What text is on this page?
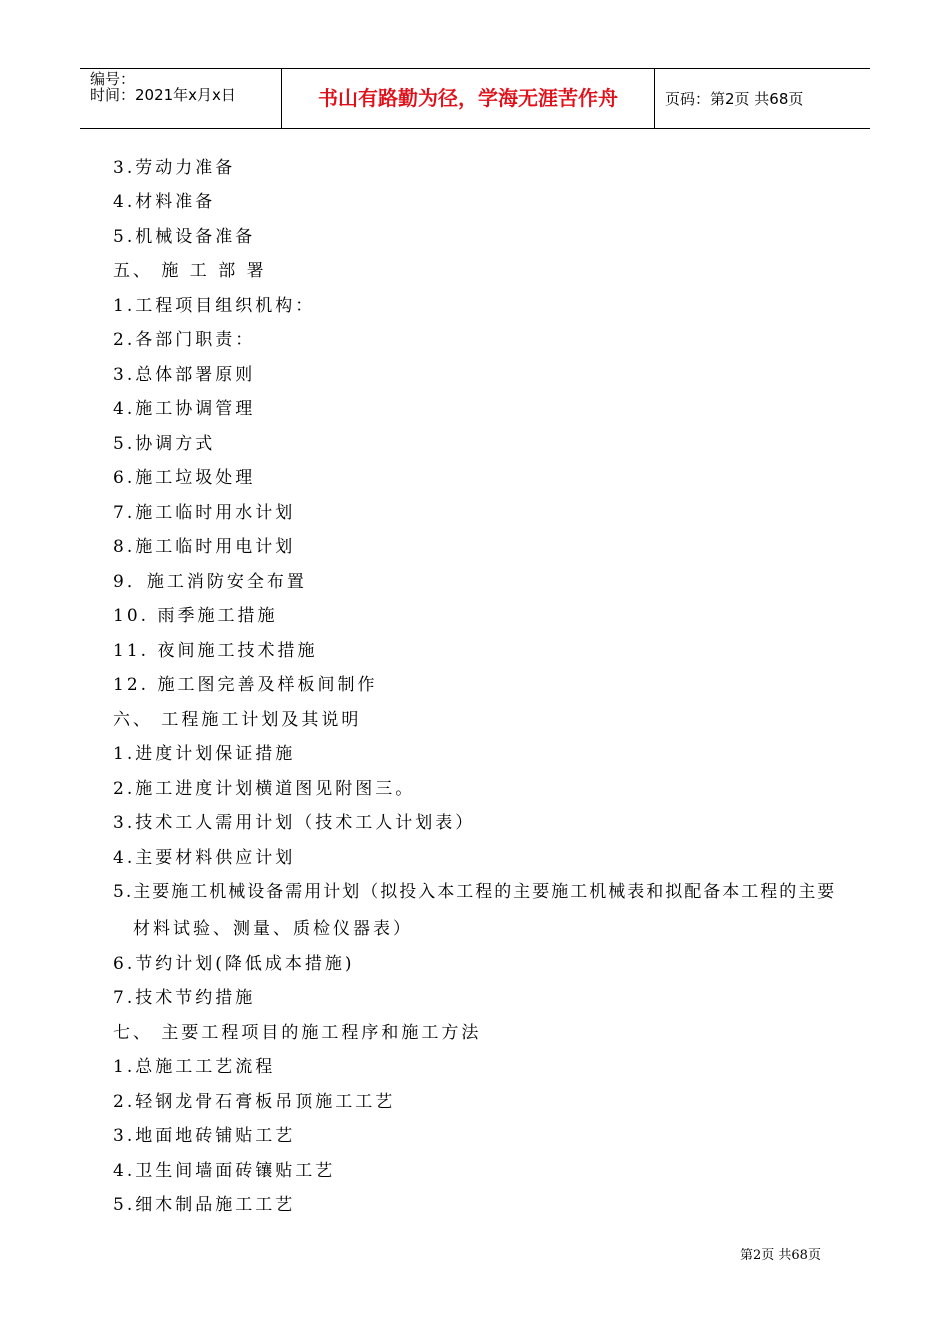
编号：
时间：2021年x月x日	书山有路勤为径，学海无涯苦作舟	页码：第2页 共68页
3.劳动力准备
4.材料准备
5.机械设备准备
五、 施 工 部 署
1.工程项目组织机构：
2.各部门职责：
3.总体部署原则
4.施工协调管理
5.协调方式
6.施工垃圾处理
7.施工临时用水计划
8.施工临时用电计划
9．施工消防安全布置
10. 雨季施工措施
11. 夜间施工技术措施
12. 施工图完善及样板间制作
六、 工程施工计划及其说明
1.进度计划保证措施
2.施工进度计划横道图见附图三。
3.技术工人需用计划（技术工人计划表）
4.主要材料供应计划
5.主要施工机械设备需用计划（拟投入本工程的主要施工机械表和拟配备本工程的主要
材料试验、测量、质检仪器表）
6.节约计划(降低成本措施)
7.技术节约措施
七、 主要工程项目的施工程序和施工方法
1.总施工工艺流程
2.轻钢龙骨石膏板吊顶施工工艺
3.地面地砖铺贴工艺
4.卫生间墙面砖镶贴工艺
5.细木制品施工工艺
第2页 共68页
